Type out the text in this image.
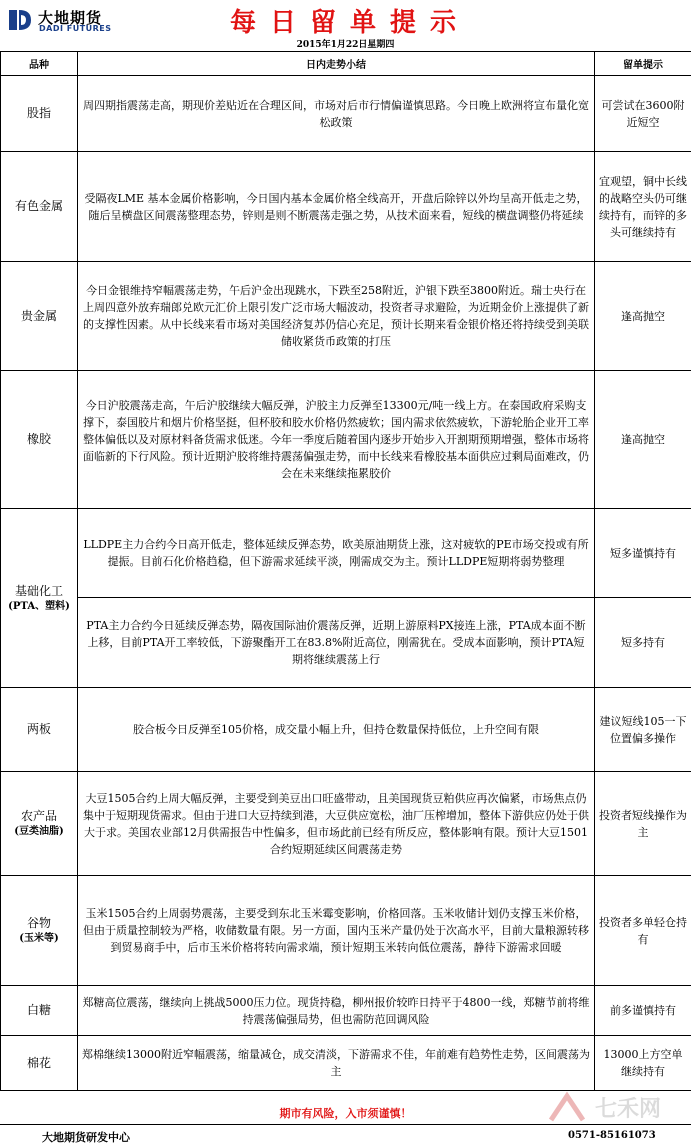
大地期货
DADI FUTURES	每日留单提示
2015年1月22日星期四
品种	日内走势小结	留单提示
股指	周四期指震荡走高，期现价差贴近在合理区间，市场对后市行情偏谨慎思路。今日晚上欧洲将宣布量化宽松政策	可尝试在3600附近短空
有色金属	受隔夜LME 基本金属价格影响，今日国内基本金属价格全线高开，开盘后除锌以外均呈高开低走之势，随后呈横盘区间震荡整理态势，锌则是则不断震荡走强之势，从技术面来看，短线的横盘调整仍将延续	宜观望，铜中长线的战略空头仍可继续持有，而锌的多头可继续持有
贵金属	今日金银维持窄幅震荡走势，午后沪金出现跳水，下跌至258附近，沪银下跌至3800附近。瑞士央行在上周四意外放弃瑞郎兑欧元汇价上限引发广泛市场大幅波动，投资者寻求避险，为近期金价上涨提供了新的支撑性因素。从中长线来看市场对美国经济复苏仍信心充足，预计长期来看金银价格还将持续受到美联储收紧货币政策的打压	逢高抛空
橡胶	今日沪胶震荡走高，午后沪胶继续大幅反弹，沪胶主力反弹至13300元/吨一线上方。在泰国政府采购支撑下，泰国胶片和烟片价格坚挺，但杯胶和胶水价格仍然疲软；国内需求依然疲软，下游轮胎企业开工率整体偏低以及对原材料备货需求低迷。今年一季度后随着国内逐步开始步入开割期预期增强，整体市场将面临新的下行风险。预计近期沪胶将维持震荡偏强走势，而中长线来看橡胶基本面供应过剩局面难改，仍会在未来继续拖累胶价	逢高抛空
基础化工
(PTA、塑料)	LLDPE主力合约今日高开低走，整体延续反弹态势，欧美原油期货上涨，这对疲软的PE市场交投或有所提振。目前石化价格趋稳，但下游需求延续平淡，刚需成交为主。预计LLDPE短期将弱势整理	短多谨慎持有
	PTA主力合约今日延续反弹态势，隔夜国际油价震荡反弹，近期上游原料PX接连上涨，PTA成本面不断上移，目前PTA开工率较低，下游聚酯开工在83.8%附近高位，刚需犹在。受成本面影响，预计PTA短期将继续震荡上行	短多持有
两板	胶合板今日反弹至105价格，成交量小幅上升，但持仓数量保持低位，上升空间有限	建议短线105一下位置偏多操作
农产品
(豆类油脂)	大豆1505合约上周大幅反弹，主要受到美豆出口旺盛带动，且美国现货豆粕供应再次偏紧，市场焦点仍集中于短期现货需求。但由于进口大豆持续到港，大豆供应宽松，油厂压榨增加，整体下游供应仍处于供大于求。美国农业部12月供需报告中性偏多，但市场此前已经有所反应，整体影响有限。预计大豆1501合约短期延续区间震荡走势	投资者短线操作为主
谷物
(玉米等)	玉米1505合约上周弱势震荡，主要受到东北玉米霉变影响，价格回落。玉米收储计划仍支撑玉米价格，但由于质量控制较为严格，收储数量有限。另一方面，国内玉米产量仍处于次高水平，目前大量粮源转移到贸易商手中，后市玉米价格将转向需求端，预计短期玉米转向低位震荡，静待下游需求回暖	投资者多单轻仓持有
白糖	郑糖高位震荡，继续向上挑战5000压力位。现货持稳，柳州报价较昨日持平于4800一线，郑糖节前将维持震荡偏强局势，但也需防范回调风险	前多谨慎持有
棉花	郑棉继续13000附近窄幅震荡，缩量减仓，成交清淡，下游需求不佳，年前难有趋势性走势，区间震荡为主	13000上方空单继续持有
期市有风险，入市须谨慎！
大地期货研发中心	0571-85161073
七禾网
